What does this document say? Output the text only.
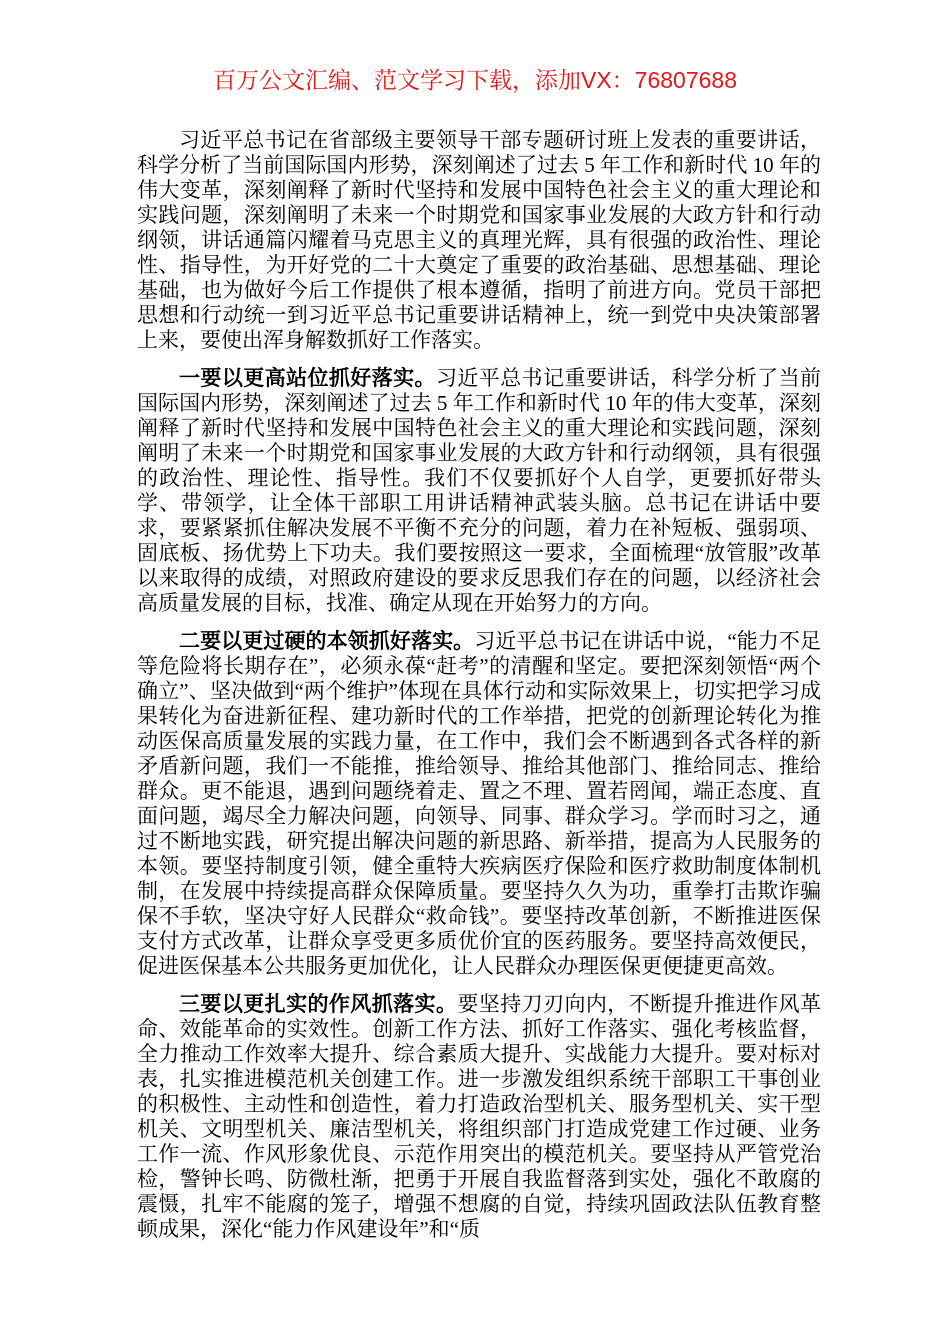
百万公文汇编、范文学习下载，添加VX：76807688

习近平总书记在省部级主要领导干部专题研讨班上发表的重要讲话，科学分析了当前国际国内形势，深刻阐述了过去 5 年工作和新时代 10 年的伟大变革，深刻阐释了新时代坚持和发展中国特色社会主义的重大理论和实践问题，深刻阐明了未来一个时期党和国家事业发展的大政方针和行动纲领，讲话通篇闪耀着马克思主义的真理光辉，具有很强的政治性、理论性、指导性，为开好党的二十大奠定了重要的政治基础、思想基础、理论基础，也为做好今后工作提供了根本遵循，指明了前进方向。党员干部把思想和行动统一到习近平总书记重要讲话精神上，统一到党中央决策部署上来，要使出浑身解数抓好工作落实。

一要以更高站位抓好落实。习近平总书记重要讲话，科学分析了当前国际国内形势，深刻阐述了过去 5 年工作和新时代 10 年的伟大变革，深刻阐释了新时代坚持和发展中国特色社会主义的重大理论和实践问题，深刻阐明了未来一个时期党和国家事业发展的大政方针和行动纲领，具有很强的政治性、理论性、指导性。我们不仅要抓好个人自学，更要抓好带头学、带领学，让全体干部职工用讲话精神武装头脑。总书记在讲话中要求，要紧紧抓住解决发展不平衡不充分的问题，着力在补短板、强弱项、固底板、扬优势上下功夫。我们要按照这一要求，全面梳理“放管服”改革以来取得的成绩，对照政府建设的要求反思我们存在的问题，以经济社会高质量发展的目标，找准、确定从现在开始努力的方向。

二要以更过硬的本领抓好落实。习近平总书记在讲话中说，“能力不足等危险将长期存在”，必须永葆“赶考”的清醒和坚定。要把深刻领悟“两个确立”、坚决做到“两个维护”体现在具体行动和实际效果上，切实把学习成果转化为奋进新征程、建功新时代的工作举措，把党的创新理论转化为推动医保高质量发展的实践力量，在工作中，我们会不断遇到各式各样的新矛盾新问题，我们一不能推，推给领导、推给其他部门、推给同志、推给群众。更不能退，遇到问题绕着走、置之不理、置若罔闻，端正态度、直面问题，竭尽全力解决问题，向领导、同事、群众学习。学而时习之，通过不断地实践，研究提出解决问题的新思路、新举措，提高为人民服务的本领。要坚持制度引领，健全重特大疾病医疗保险和医疗救助制度体制机制，在发展中持续提高群众保障质量。要坚持久久为功，重拳打击欺诈骗保不手软，坚决守好人民群众“救命钱”。要坚持改革创新，不断推进医保支付方式改革，让群众享受更多质优价宜的医药服务。要坚持高效便民，促进医保基本公共服务更加优化，让人民群众办理医保更便捷更高效。

三要以更扎实的作风抓落实。要坚持刀刃向内，不断提升推进作风革命、效能革命的实效性。创新工作方法、抓好工作落实、强化考核监督，全力推动工作效率大提升、综合素质大提升、实战能力大提升。要对标对表，扎实推进模范机关创建工作。进一步激发组织系统干部职工干事创业的积极性、主动性和创造性，着力打造政治型机关、服务型机关、实干型机关、文明型机关、廉洁型机关，将组织部门打造成党建工作过硬、业务工作一流、作风形象优良、示范作用突出的模范机关。要坚持从严管党治检，警钟长鸣、防微杜渐，把勇于开展自我监督落到实处，强化不敢腐的震慑，扎牢不能腐的笼子，增强不想腐的自觉，持续巩固政法队伍教育整顿成果，深化“能力作风建设年”和“质
